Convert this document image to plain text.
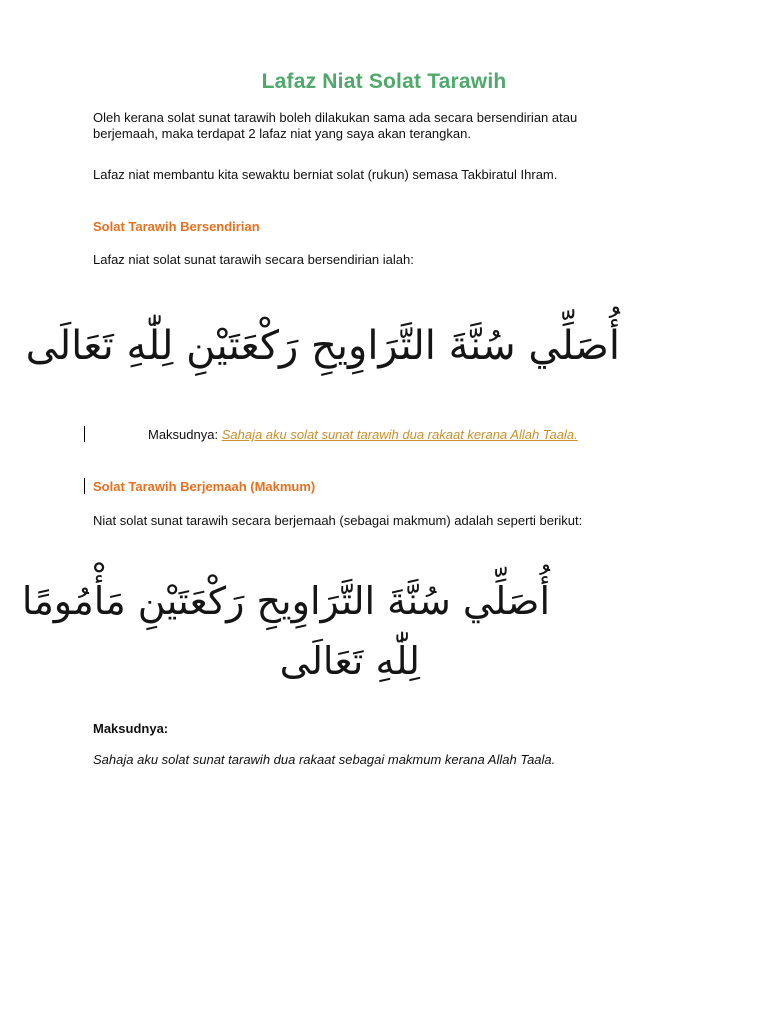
Lafaz Niat Solat Tarawih
Oleh kerana solat sunat tarawih boleh dilakukan sama ada secara bersendirian atau berjemaah, maka terdapat 2 lafaz niat yang saya akan terangkan.
Lafaz niat membantu kita sewaktu berniat solat (rukun) semasa Takbiratul Ihram.
Solat Tarawih Bersendirian
Lafaz niat solat sunat tarawih secara bersendirian ialah:
أُصَلِّي سُنَّةَ التَّرَاوِيحِ رَكْعَتَيْنِ لِلّٰهِ تَعَالَى
Maksudnya: Sahaja aku solat sunat tarawih dua rakaat kerana Allah Taala.
Solat Tarawih Berjemaah (Makmum)
Niat solat sunat tarawih secara berjemaah (sebagai makmum) adalah seperti berikut:
أُصَلِّي سُنَّةَ التَّرَاوِيحِ رَكْعَتَيْنِ مَأْمُومًا
لِلّٰهِ تَعَالَى
Maksudnya:
Sahaja aku solat sunat tarawih dua rakaat sebagai makmum kerana Allah Taala.
